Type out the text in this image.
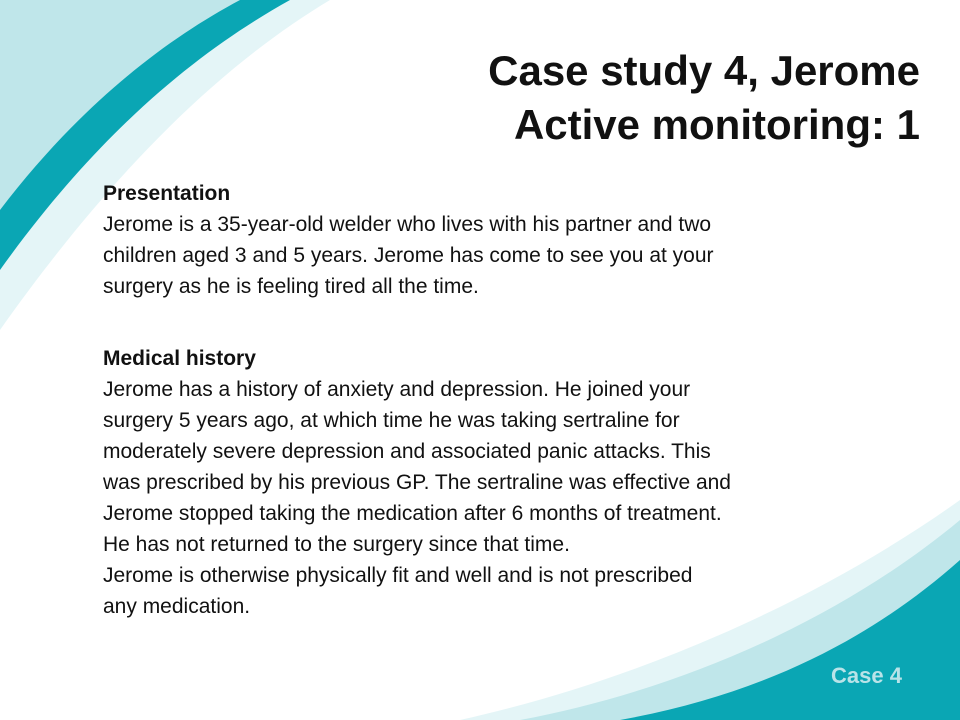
Case study 4, Jerome
Active monitoring: 1
Presentation

Jerome is a 35-year-old welder who lives with his partner and two

children aged 3 and 5 years. Jerome has come to see you at your

surgery as he is feeling tired all the time.

Medical history

Jerome has a history of anxiety and depression. He joined your

surgery 5 years ago, at which time he was taking sertraline for

moderately severe depression and associated panic attacks. This

was prescribed by his previous GP. The sertraline was effective and

Jerome stopped taking the medication after 6 months of treatment.

He has not returned to the surgery since that time.

Jerome is otherwise physically fit and well and is not prescribed

any medication.

Case 4
